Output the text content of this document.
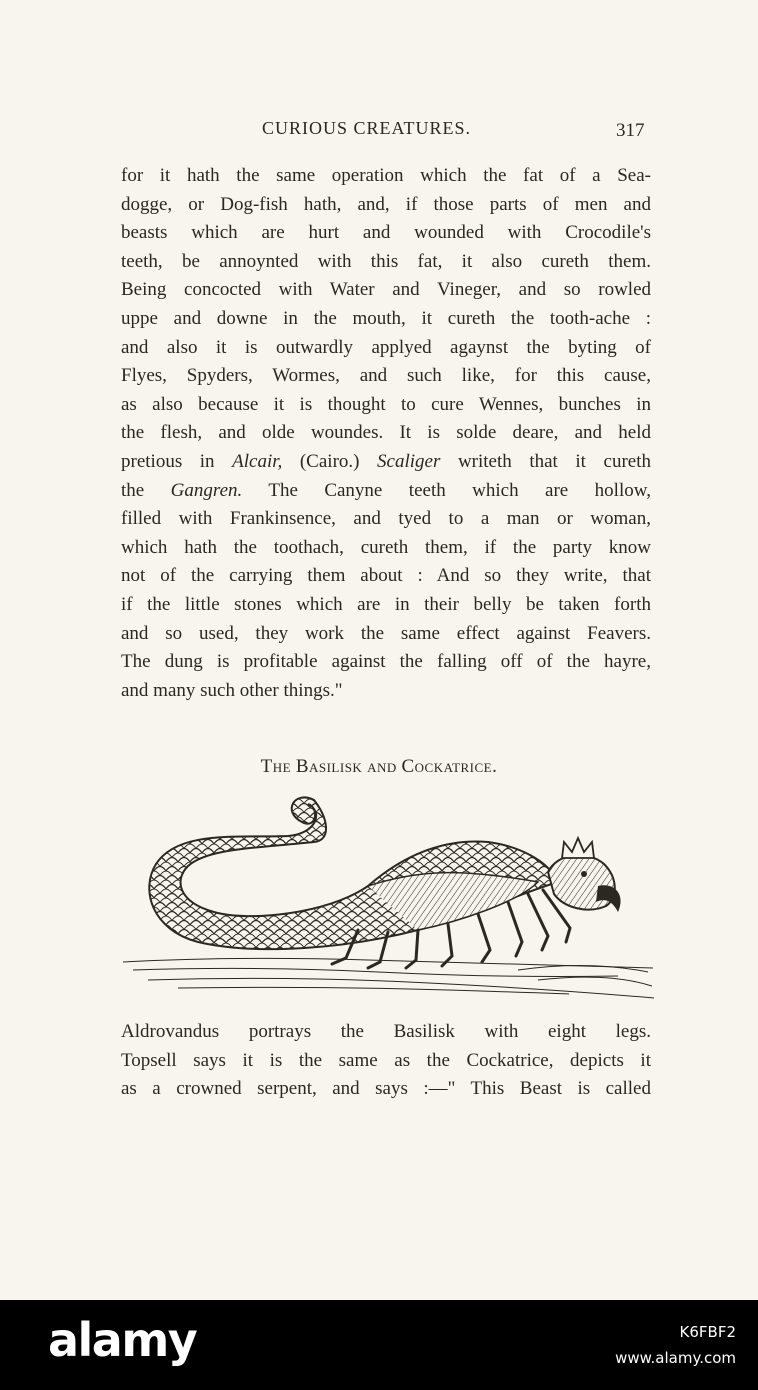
CURIOUS CREATURES.	317
for it hath the same operation which the fat of a Sea-
dogge, or Dog-fish hath, and, if those parts of men and
beasts which are hurt and wounded with Crocodile's
teeth, be annoynted with this fat, it also cureth them.
Being concocted with Water and Vineger, and so rowled
uppe and downe in the mouth, it cureth the tooth-ache :
and also it is outwardly applyed agaynst the byting of
Flyes, Spyders, Wormes, and such like, for this cause,
as also because it is thought to cure Wennes, bunches in
the flesh, and olde woundes. It is solde deare, and held
pretious in Alcair, (Cairo.) Scaliger writeth that it cureth
the Gangren. The Canyne teeth which are hollow,
filled with Frankinsence, and tyed to a man or woman,
which hath the toothach, cureth them, if the party know
not of the carrying them about : And so they write, that
if the little stones which are in their belly be taken forth
and so used, they work the same effect against Feavers.
The dung is profitable against the falling off of the hayre,
and many such other things."
The Basilisk and Cockatrice.
Aldrovandus portrays the Basilisk with eight legs.
Topsell says it is the same as the Cockatrice, depicts it
as a crowned serpent, and says :—" This Beast is called
alamy	K6FBF2
www.alamy.com
